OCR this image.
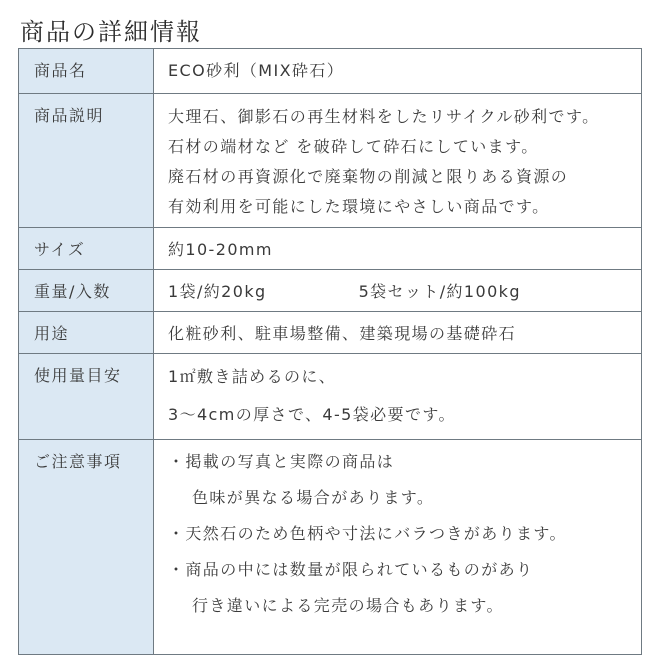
商品の詳細情報
商品名	ECO砂利（MIX砕石）
商品説明	大理石、御影石の再生材料をしたリサイクル砂利です。
石材の端材など を破砕して砕石にしています。
廃石材の再資源化で廃棄物の削減と限りある資源の
有効利用を可能にした環境にやさしい商品です。
サイズ	約10-20mm
重量/入数	1袋/約20kg	5袋セット/約100kg
用途	化粧砂利、駐車場整備、建築現場の基礎砕石
使用量目安	1㎡敷き詰めるのに、
3～4cmの厚さで、4-5袋必要です。
ご注意事項	・掲載の写真と実際の商品は
色味が異なる場合があります。
・天然石のため色柄や寸法にバラつきがあります。
・商品の中には数量が限られているものがあり
行き違いによる完売の場合もあります。
